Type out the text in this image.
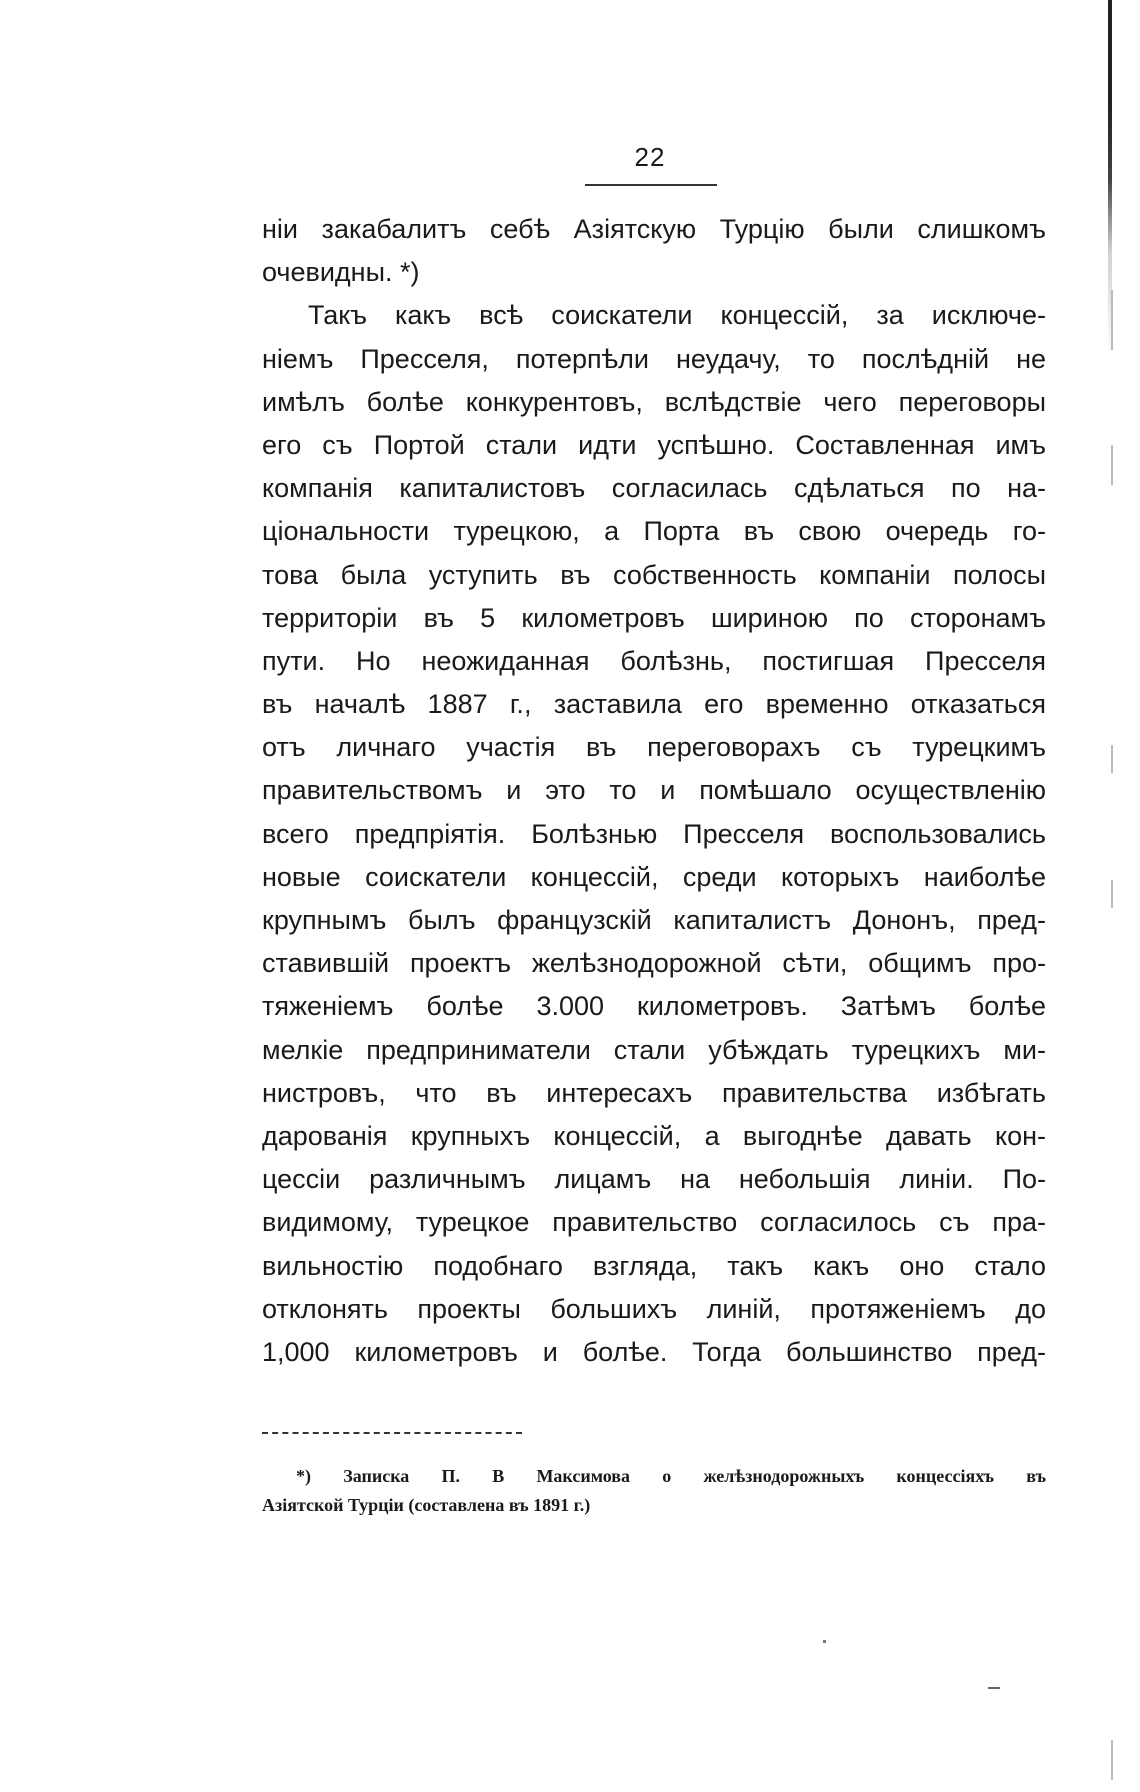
22
ніи закабалитъ себѣ Азіятскую Турцію были слишкомъ
очевидны. *)
Такъ какъ всѣ соискатели концессій, за исключе-
ніемъ Пресселя, потерпѣли неудачу, то послѣдній не
имѣлъ болѣе конкурентовъ, вслѣдствіе чего переговоры
его съ Портой стали идти успѣшно. Составленная имъ
компанія капиталистовъ согласилась сдѣлаться по на-
ціональности турецкою, а Порта въ свою очередь го-
това была уступить въ собственность компаніи полосы
территоріи въ 5 километровъ шириною по сторонамъ
пути. Но неожиданная болѣзнь, постигшая Пресселя
въ началѣ 1887 г., заставила его временно отказаться
отъ личнаго участія въ переговорахъ съ турецкимъ
правительствомъ и это то и помѣшало осуществленію
всего предпріятія. Болѣзнью Пресселя воспользовались
новые соискатели концессій, среди которыхъ наиболѣе
крупнымъ былъ французскій капиталистъ Дононъ, пред-
ставившій проектъ желѣзнодорожной сѣти, общимъ про-
тяженіемъ болѣе 3.000 километровъ. Затѣмъ болѣе
мелкіе предприниматели стали убѣждать турецкихъ ми-
нистровъ, что въ интересахъ правительства избѣгать
дарованія крупныхъ концессій, а выгоднѣе давать кон-
цессіи различнымъ лицамъ на небольшія линіи. По-
видимому, турецкое правительство согласилось съ пра-
вильностію подобнаго взгляда, такъ какъ оно стало
отклонять проекты большихъ линій, протяженіемъ до
1,000 километровъ и болѣе. Тогда большинство пред-
*) Записка П. В Максимова о желѣзнодорожныхъ концессіяхъ въ
Азіятской Турціи (составлена въ 1891 г.)
